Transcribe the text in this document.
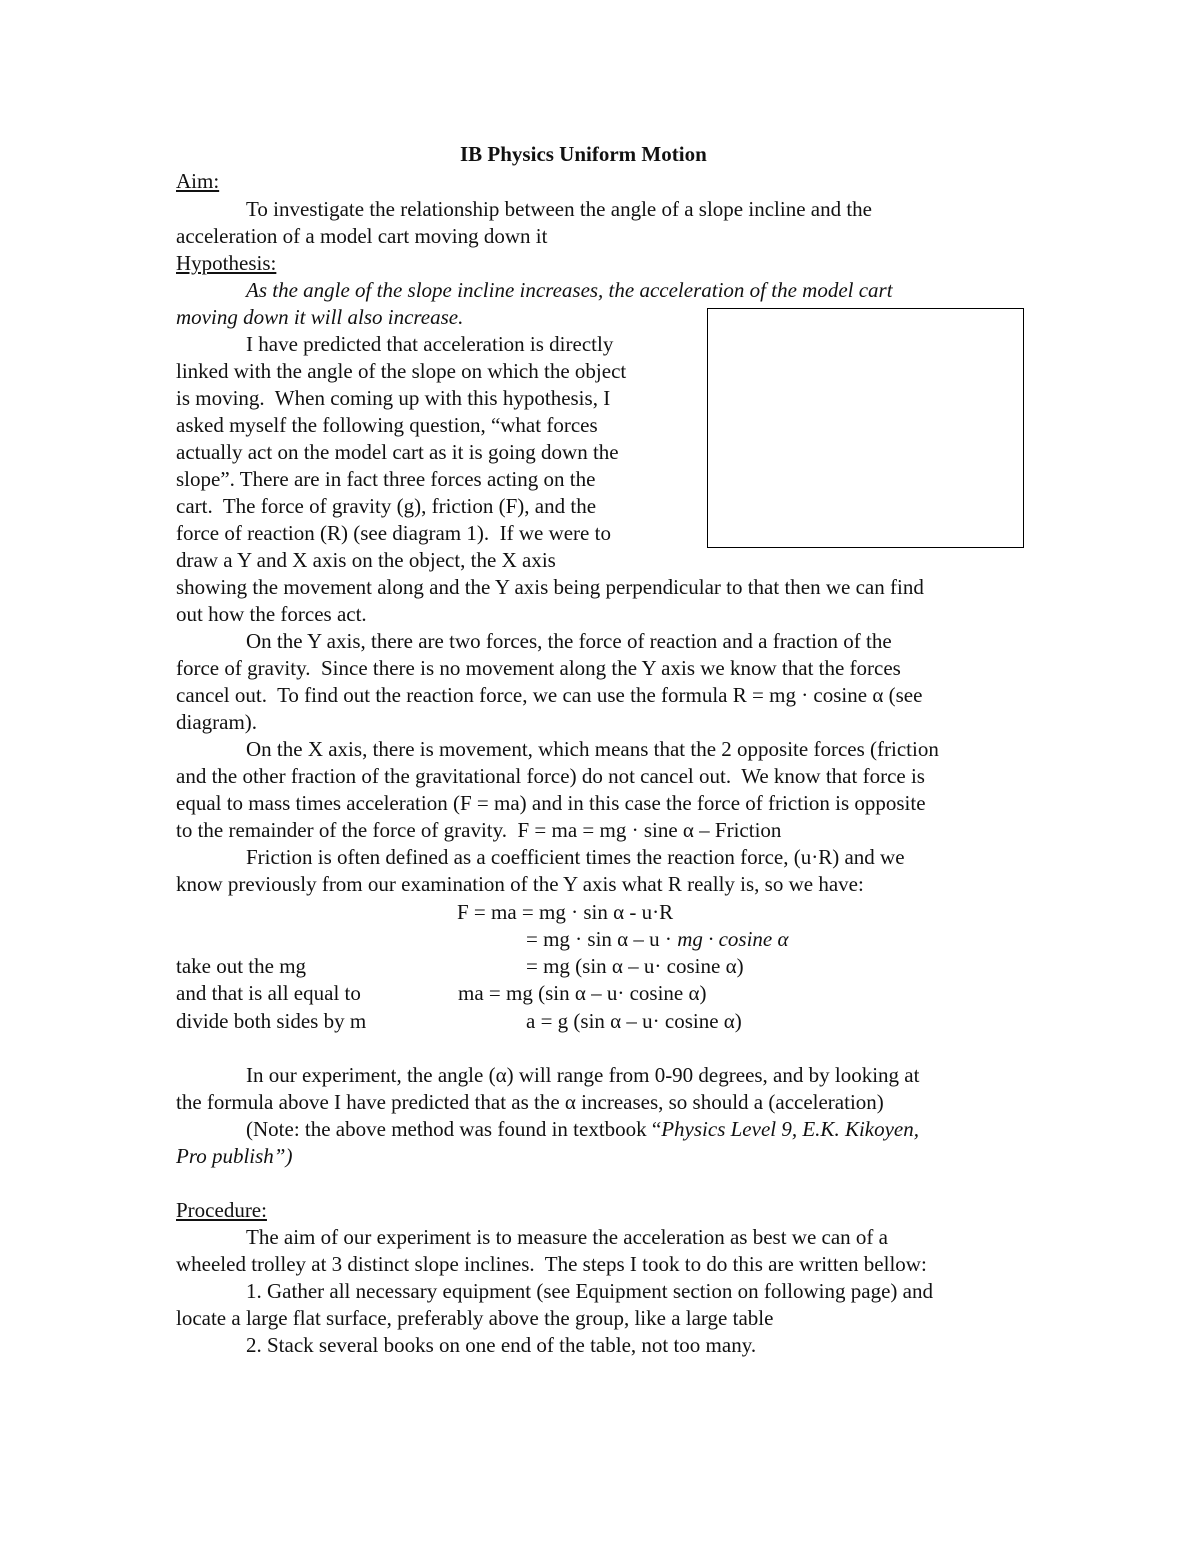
IB Physics Uniform Motion
Aim:
To investigate the relationship between the angle of a slope incline and the
acceleration of a model cart moving down it
Hypothesis:
As the angle of the slope incline increases, the acceleration of the model cart
moving down it will also increase.
I have predicted that acceleration is directly
linked with the angle of the slope on which the object
is moving.  When coming up with this hypothesis, I
asked myself the following question, “what forces
actually act on the model cart as it is going down the
slope”. There are in fact three forces acting on the
cart.  The force of gravity (g), friction (F), and the
force of reaction (R) (see diagram 1).  If we were to
draw a Y and X axis on the object, the X axis
showing the movement along and the Y axis being perpendicular to that then we can find
out how the forces act.
On the Y axis, there are two forces, the force of reaction and a fraction of the
force of gravity.  Since there is no movement along the Y axis we know that the forces
cancel out.  To find out the reaction force, we can use the formula R = mg · cosine α (see
diagram).
On the X axis, there is movement, which means that the 2 opposite forces (friction
and the other fraction of the gravitational force) do not cancel out.  We know that force is
equal to mass times acceleration (F = ma) and in this case the force of friction is opposite
to the remainder of the force of gravity.  F = ma = mg · sine α – Friction
Friction is often defined as a coefficient times the reaction force, (u·R) and we
know previously from our examination of the Y axis what R really is, so we have:
F = ma = mg · sin α - u·R
= mg · sin α – u · mg · cosine α
take out the mg	= mg (sin α – u· cosine α)
and that is all equal to	ma = mg (sin α – u· cosine α)
divide both sides by m	a = g (sin α – u· cosine α)
In our experiment, the angle (α) will range from 0-90 degrees, and by looking at
the formula above I have predicted that as the α increases, so should a (acceleration)
(Note: the above method was found in textbook “Physics Level 9, E.K. Kikoyen,
Pro publish”)
Procedure:
The aim of our experiment is to measure the acceleration as best we can of a
wheeled trolley at 3 distinct slope inclines.  The steps I took to do this are written bellow:
1. Gather all necessary equipment (see Equipment section on following page) and
locate a large flat surface, preferably above the group, like a large table
2. Stack several books on one end of the table, not too many.
